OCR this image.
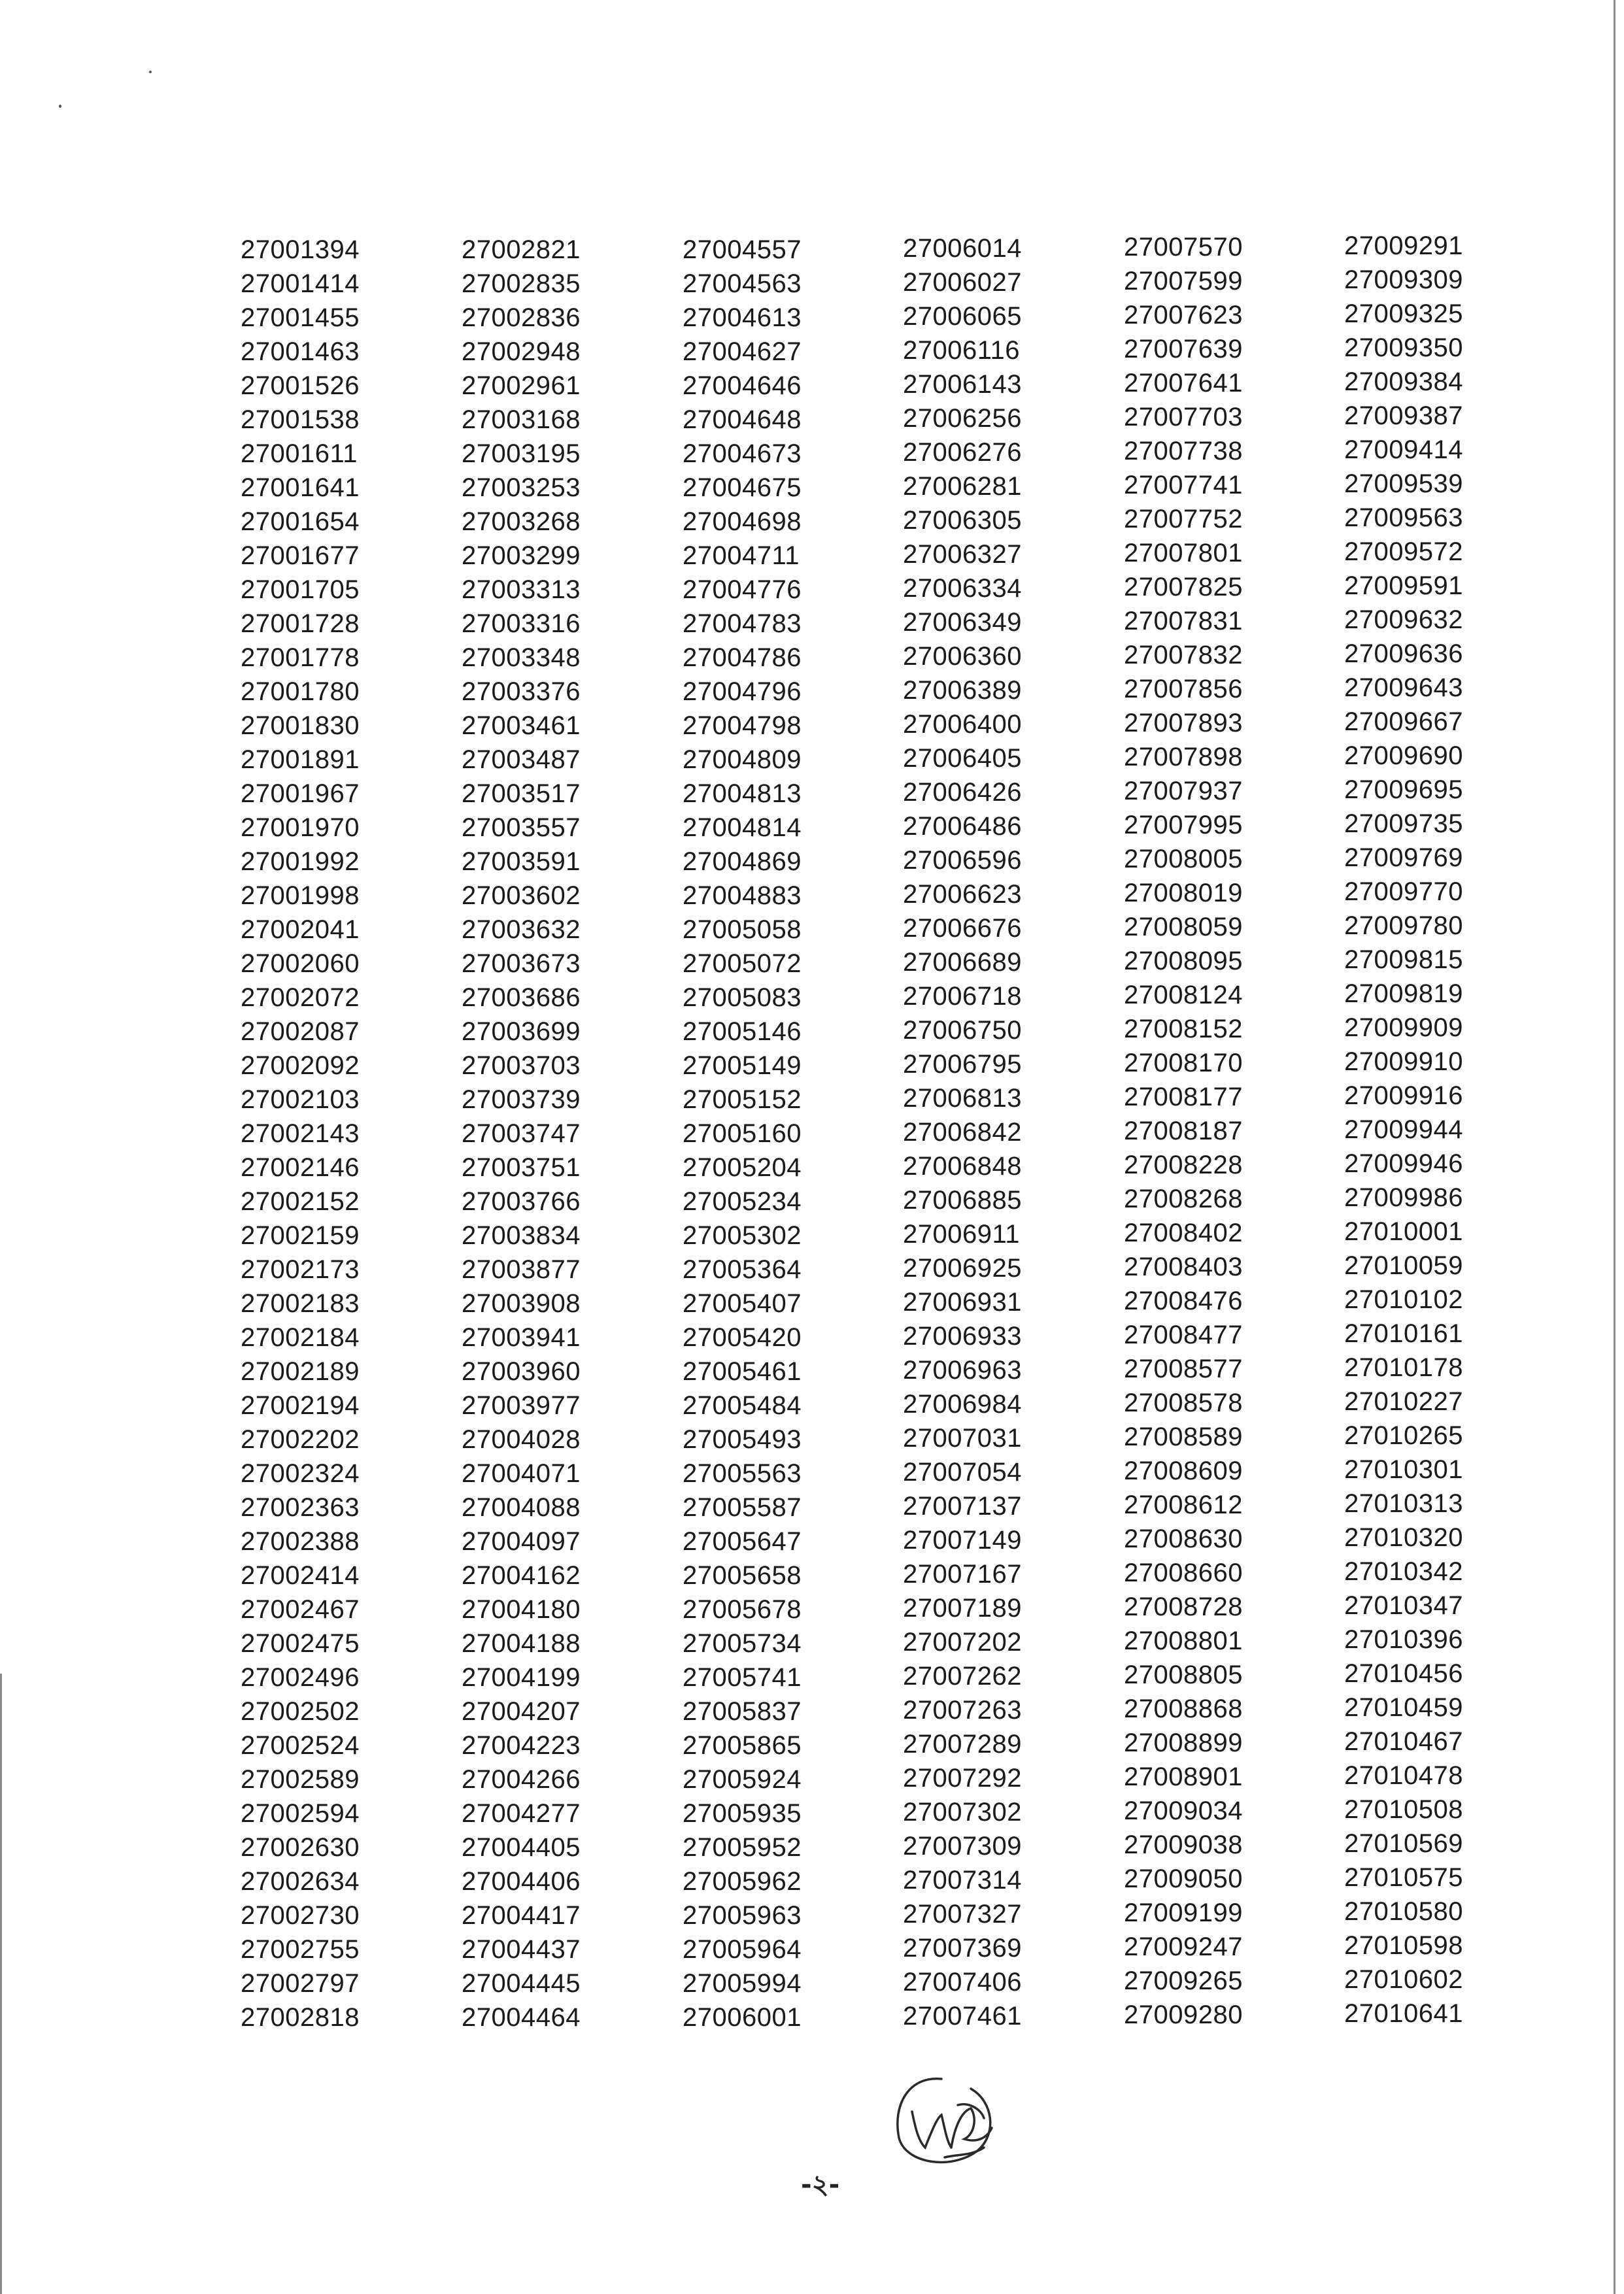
27001394
27001414
27001455
27001463
27001526
27001538
27001611
27001641
27001654
27001677
27001705
27001728
27001778
27001780
27001830
27001891
27001967
27001970
27001992
27001998
27002041
27002060
27002072
27002087
27002092
27002103
27002143
27002146
27002152
27002159
27002173
27002183
27002184
27002189
27002194
27002202
27002324
27002363
27002388
27002414
27002467
27002475
27002496
27002502
27002524
27002589
27002594
27002630
27002634
27002730
27002755
27002797
27002818
27002821
27002835
27002836
27002948
27002961
27003168
27003195
27003253
27003268
27003299
27003313
27003316
27003348
27003376
27003461
27003487
27003517
27003557
27003591
27003602
27003632
27003673
27003686
27003699
27003703
27003739
27003747
27003751
27003766
27003834
27003877
27003908
27003941
27003960
27003977
27004028
27004071
27004088
27004097
27004162
27004180
27004188
27004199
27004207
27004223
27004266
27004277
27004405
27004406
27004417
27004437
27004445
27004464
27004557
27004563
27004613
27004627
27004646
27004648
27004673
27004675
27004698
27004711
27004776
27004783
27004786
27004796
27004798
27004809
27004813
27004814
27004869
27004883
27005058
27005072
27005083
27005146
27005149
27005152
27005160
27005204
27005234
27005302
27005364
27005407
27005420
27005461
27005484
27005493
27005563
27005587
27005647
27005658
27005678
27005734
27005741
27005837
27005865
27005924
27005935
27005952
27005962
27005963
27005964
27005994
27006001
27006014
27006027
27006065
27006116
27006143
27006256
27006276
27006281
27006305
27006327
27006334
27006349
27006360
27006389
27006400
27006405
27006426
27006486
27006596
27006623
27006676
27006689
27006718
27006750
27006795
27006813
27006842
27006848
27006885
27006911
27006925
27006931
27006933
27006963
27006984
27007031
27007054
27007137
27007149
27007167
27007189
27007202
27007262
27007263
27007289
27007292
27007302
27007309
27007314
27007327
27007369
27007406
27007461
27007570
27007599
27007623
27007639
27007641
27007703
27007738
27007741
27007752
27007801
27007825
27007831
27007832
27007856
27007893
27007898
27007937
27007995
27008005
27008019
27008059
27008095
27008124
27008152
27008170
27008177
27008187
27008228
27008268
27008402
27008403
27008476
27008477
27008577
27008578
27008589
27008609
27008612
27008630
27008660
27008728
27008801
27008805
27008868
27008899
27008901
27009034
27009038
27009050
27009199
27009247
27009265
27009280
27009291
27009309
27009325
27009350
27009384
27009387
27009414
27009539
27009563
27009572
27009591
27009632
27009636
27009643
27009667
27009690
27009695
27009735
27009769
27009770
27009780
27009815
27009819
27009909
27009910
27009916
27009944
27009946
27009986
27010001
27010059
27010102
27010161
27010178
27010227
27010265
27010301
27010313
27010320
27010342
27010347
27010396
27010456
27010459
27010467
27010478
27010508
27010569
27010575
27010580
27010598
27010602
27010641
-২-
